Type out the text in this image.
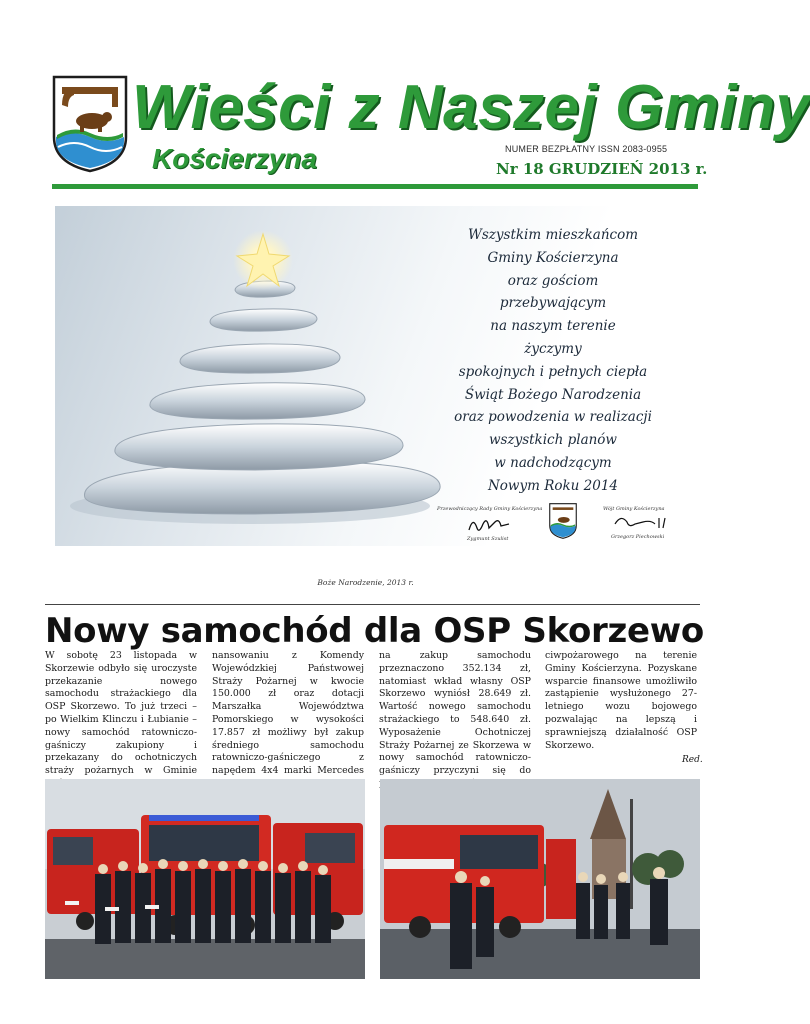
Wieści z Naszej Gminy
Kościerzyna	NUMER BEZPŁATNY ISSN 2083-0955
Nr 18 GRUDZIEŃ 2013 r.
Wszystkim mieszkańcom
Gminy Kościerzyna
oraz gościom przebywającym
na naszym terenie
życzymy
spokojnych i pełnych ciepła
Świąt Bożego Narodzenia
oraz powodzenia w realizacji
wszystkich planów
w nadchodzącym
Nowym Roku 2014
Przewodniczący Rady Gminy Kościerzyna
Zygmunt Szulist
Wójt Gminy Kościerzyna
Grzegorz Piechowski
Boże Narodzenie, 2013 r.
Nowy samochód dla OSP Skorzewo

W sobotę 23 listopada w Skorzewie odbyło się uroczyste przekazanie nowego samochodu strażackiego dla OSP Skorzewo. To już trzeci – po Wielkim Klinczu i Łubianie – nowy samochód ratowniczo-gaśniczy zakupiony i przekazany do ochotniczych straży pożarnych w Gminie

nansowaniu z Komendy Wojewódzkiej Państwowej Straży Pożarnej w kwocie 150.000 zł oraz dotacji Marszałka Województwa Pomorskiego w wysokości 17.857 zł możliwy był zakup średniego samochodu ratowniczo-gaśniczego z napędem 4x4 marki Mercedes

na zakup samochodu przeznaczono 352.134 zł, natomiast wkład własny OSP Skorzewo wyniósł 28.649 zł. Wartość nowego samochodu strażackiego to 548.640 zł. Wyposażenie Ochotniczej Straży Pożarnej ze Skorzewa w nowy samochód ratowniczo-gaśniczy przyczyni się do

ciwpożarowego na terenie Gminy Kościerzyna. Pozyskane wsparcie finansowe umożliwiło zastąpienie wysłużonego 27-letniego wozu bojowego pozwalając na lepszą i sprawniejszą działalność OSP Skorzewo.

Red.
